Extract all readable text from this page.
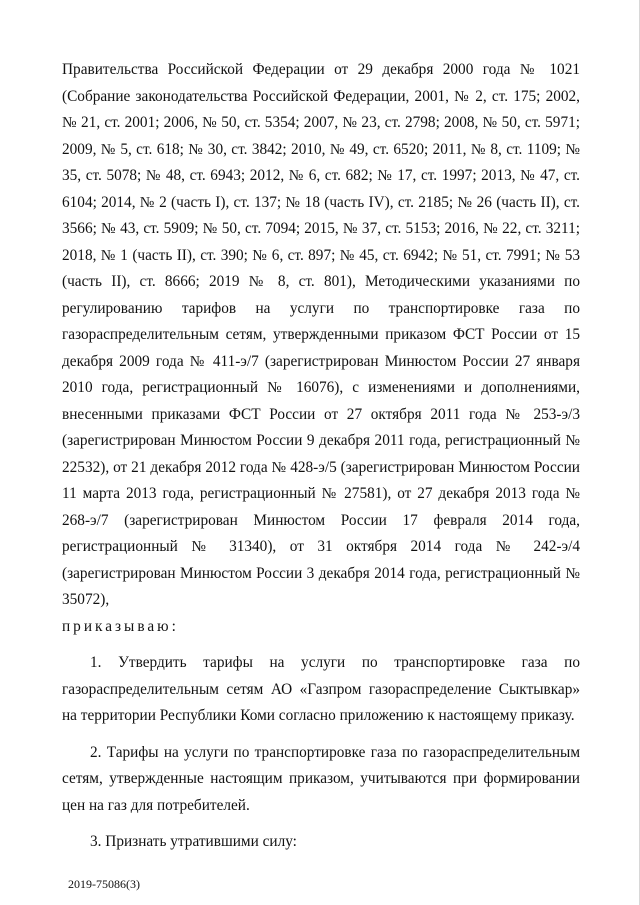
Правительства Российской Федерации от 29 декабря 2000 года № 1021 (Собрание законодательства Российской Федерации, 2001, № 2, ст. 175; 2002, № 21, ст. 2001; 2006, № 50, ст. 5354; 2007, № 23, ст. 2798; 2008, № 50, ст. 5971; 2009, № 5, ст. 618; № 30, ст. 3842; 2010, № 49, ст. 6520; 2011, № 8, ст. 1109; № 35, ст. 5078; № 48, ст. 6943; 2012, № 6, ст. 682; № 17, ст. 1997; 2013, № 47, ст. 6104; 2014, № 2 (часть I), ст. 137; № 18 (часть IV), ст. 2185; № 26 (часть II), ст. 3566; № 43, ст. 5909; № 50, ст. 7094; 2015, № 37, ст. 5153; 2016, № 22, ст. 3211; 2018, № 1 (часть II), ст. 390; № 6, ст. 897; № 45, ст. 6942; № 51, ст. 7991; № 53 (часть II), ст. 8666; 2019 № 8, ст. 801), Методическими указаниями по регулированию тарифов на услуги по транспортировке газа по газораспределительным сетям, утвержденными приказом ФСТ России от 15 декабря 2009 года № 411-э/7 (зарегистрирован Минюстом России 27 января 2010 года, регистрационный № 16076), с изменениями и дополнениями, внесенными приказами ФСТ России от 27 октября 2011 года № 253-э/3 (зарегистрирован Минюстом России 9 декабря 2011 года, регистрационный № 22532), от 21 декабря 2012 года № 428-э/5 (зарегистрирован Минюстом России 11 марта 2013 года, регистрационный № 27581), от 27 декабря 2013 года № 268-э/7 (зарегистрирован Минюстом России 17 февраля 2014 года, регистрационный № 31340), от 31 октября 2014 года № 242-э/4 (зарегистрирован Минюстом России 3 декабря 2014 года, регистрационный № 35072),

приказываю:

1. Утвердить тарифы на услуги по транспортировке газа по газораспределительным сетям АО «Газпром газораспределение Сыктывкар» на территории Республики Коми согласно приложению к настоящему приказу.

2. Тарифы на услуги по транспортировке газа по газораспределительным сетям, утвержденные настоящим приказом, учитываются при формировании цен на газ для потребителей.

3. Признать утратившими силу:

2019-75086(3)
